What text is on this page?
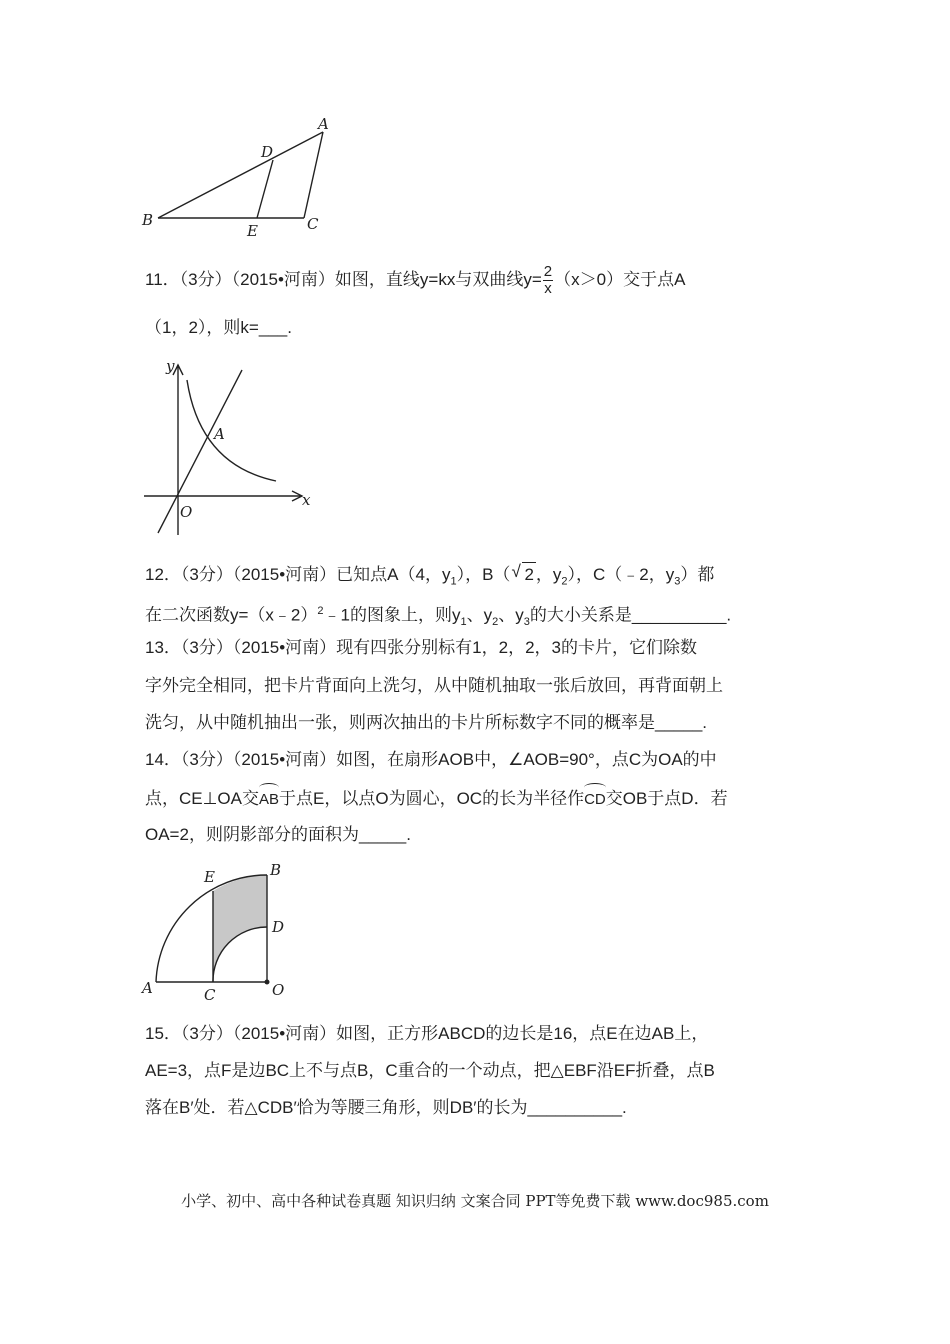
A
B	C
D
E
11．（3分）（2015•河南）如图，直线y=kx与双曲线$y= \frac{2}{x} (x>0)$交于点A
（1，2），则k=___.
y
x
O
A
12．（3分）（2015•河南）已知点A（4，$y_1$），B（√ 2 ，$y_2$），C（﹣2，$y_3$）都
在二次函数y=（x﹣2）$^2$﹣1的图象上，则$y_1$、$y_2$、$y_3$的大小关系是__________.
13．（3分）（2015•河南）现有四张分别标有1，2，2，3的卡片，它们除数
字外完全相同，把卡片背面向上洗匀，从中随机抽取一张后放回，再背面朝上
洗匀，从中随机抽出一张，则两次抽出的卡片所标数字不同的概率是_____.
14．（3分）（2015•河南）如图，在扇形AOB中，∠AOB=90°，点C为OA的中
点，CE⊥OA交AB于点E，以点O为圆心，OC的长为半径作CD交OB于点D．若
OA=2，则阴影部分的面积为_____.
A
B
C
D
E
O
15．（3分）（2015•河南）如图，正方形ABCD的边长是16，点E在边AB上，
AE=3，点F是边BC上不与点B，C重合的一个动点，把△EBF沿EF折叠，点B
落在B′处．若△CDB′恰为等腰三角形，则DB′的长为__________.
小学、初中、高中各种试卷真题 知识归纳 文案合同 PPT等免费下载 www.doc985.com
